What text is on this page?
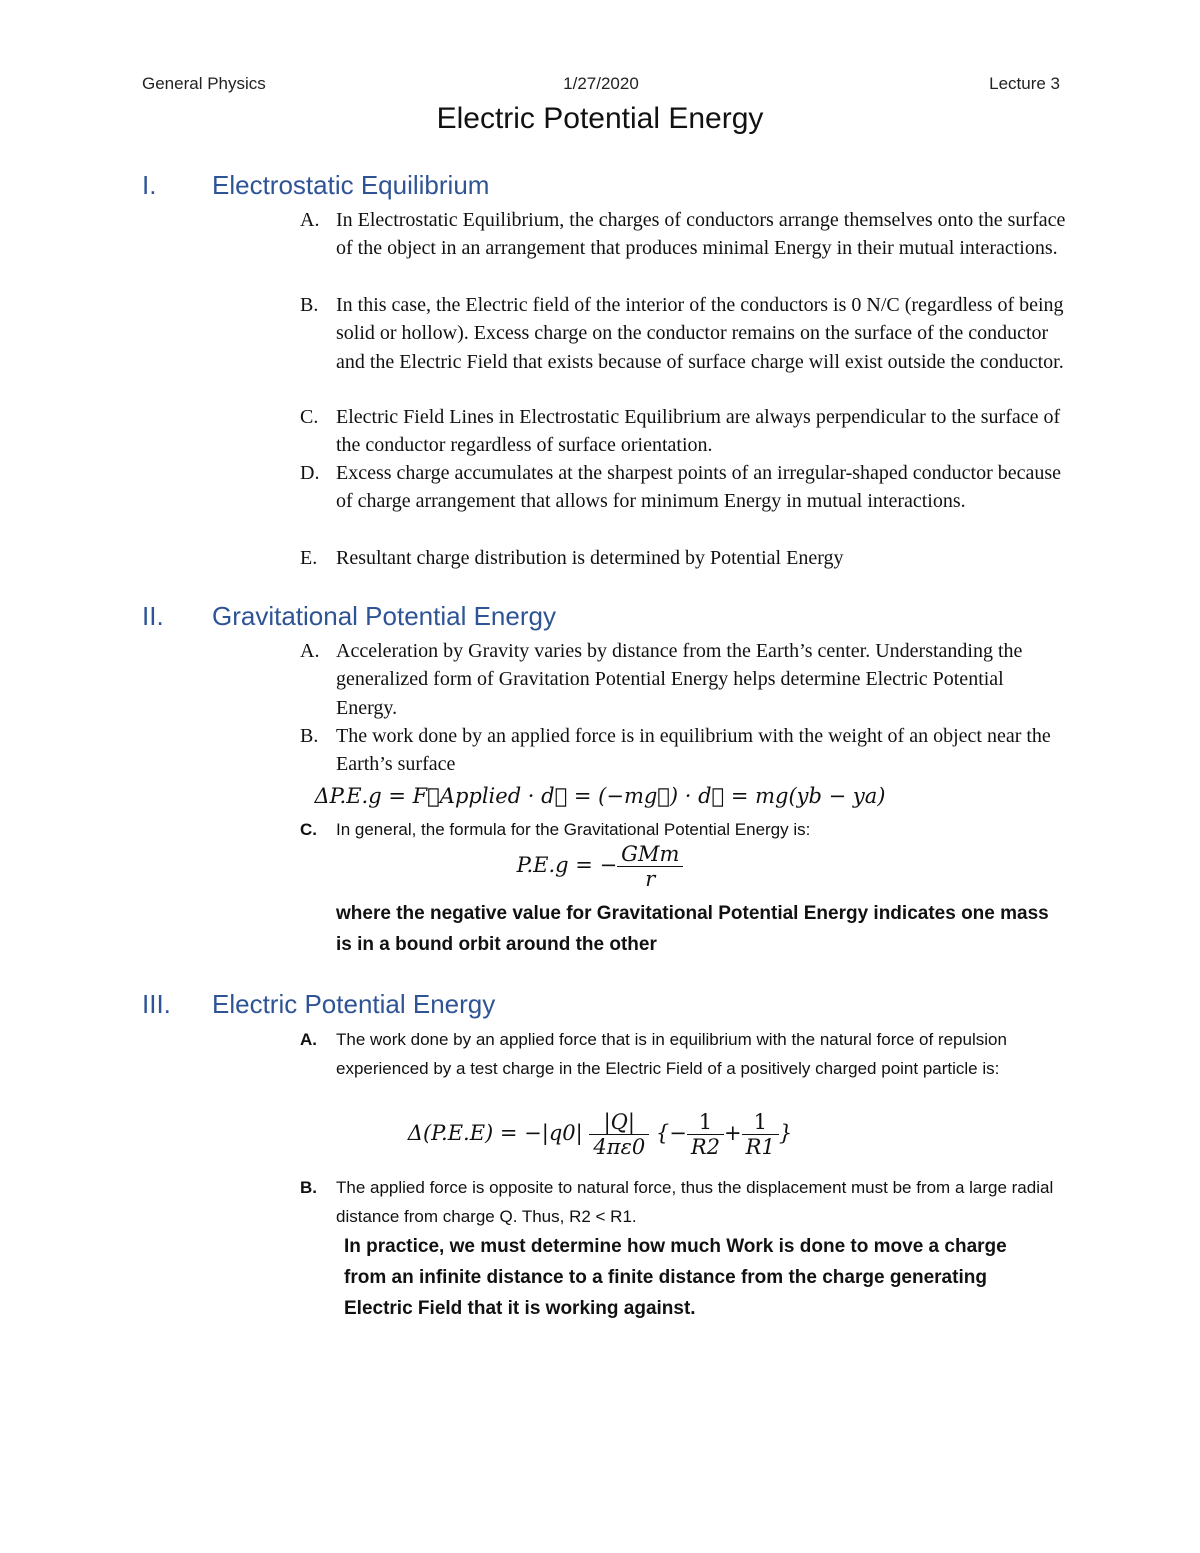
General Physics	1/27/2020	Lecture 3
Electric Potential Energy
I. Electrostatic Equilibrium
A. In Electrostatic Equilibrium, the charges of conductors arrange themselves onto the surface of the object in an arrangement that produces minimal Energy in their mutual interactions.
B. In this case, the Electric field of the interior of the conductors is 0 N/C (regardless of being solid or hollow). Excess charge on the conductor remains on the surface of the conductor and the Electric Field that exists because of surface charge will exist outside the conductor.
C. Electric Field Lines in Electrostatic Equilibrium are always perpendicular to the surface of the conductor regardless of surface orientation.
D. Excess charge accumulates at the sharpest points of an irregular-shaped conductor because of charge arrangement that allows for minimum Energy in mutual interactions.
E. Resultant charge distribution is determined by Potential Energy
II. Gravitational Potential Energy
A. Acceleration by Gravity varies by distance from the Earth’s center. Understanding the generalized form of Gravitation Potential Energy helps determine Electric Potential Energy.
B. The work done by an applied force is in equilibrium with the weight of an object near the Earth’s surface
ΔP.E.g = F⃗Applied · d⃗ = (−mg⃗) · d⃗ = mg(yb − ya)
C. In general, the formula for the Gravitational Potential Energy is:
P.E.g = − $\frac{\text{GMm}}{r}$
where the negative value for Gravitational Potential Energy indicates one mass is in a bound orbit around the other
III. Electric Potential Energy
A. The work done by an applied force that is in equilibrium with the natural force of repulsion experienced by a test charge in the Electric Field of a positively charged point particle is:
$\Delta(P.E.E) = -|q0| \frac{|Q|}{4\pi\varepsilon 0}$ {− $\frac{1}{R2} + \frac{1}{R1}$ }
B. The applied force is opposite to natural force, thus the displacement must be from a large radial distance from charge Q. Thus, R2 < R1.
In practice, we must determine how much Work is done to move a charge from an infinite distance to a finite distance from the charge generating Electric Field that it is working against.
